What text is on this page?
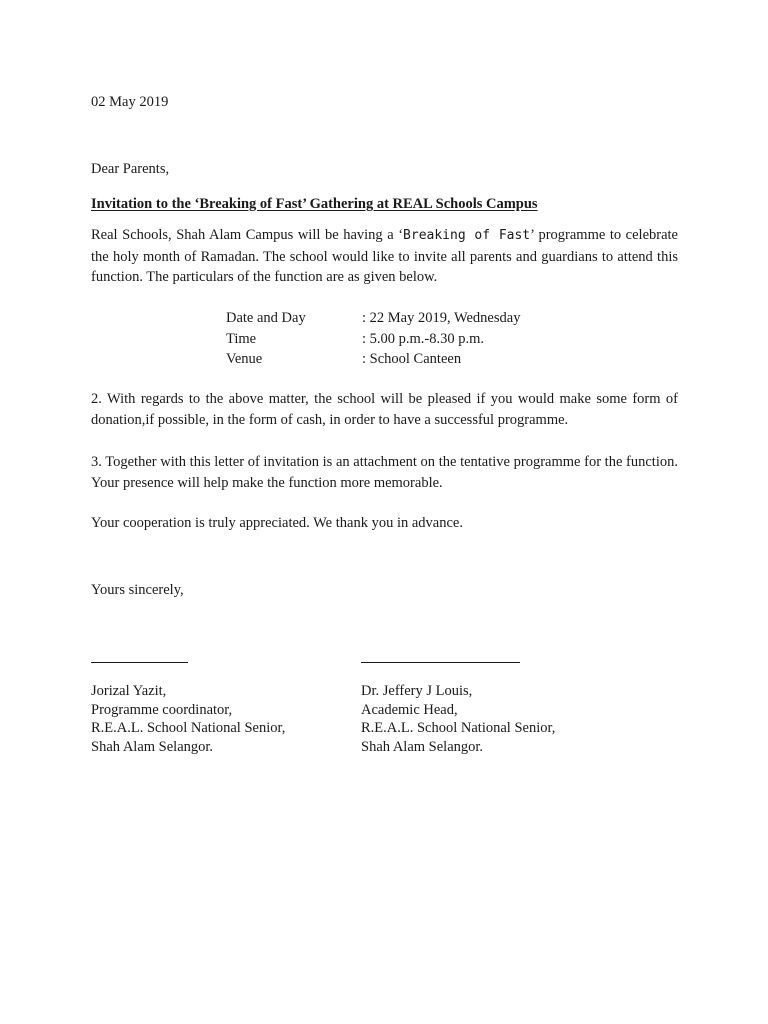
02 May 2019
Dear Parents,
Invitation to the ‘Breaking of Fast’ Gathering at REAL Schools Campus
Real Schools, Shah Alam Campus will be having a ‘Breaking of Fast’ programme to celebrate the holy month of Ramadan. The school would like to invite all parents and guardians to attend this function. The particulars of the function are as given below.
Date and Day	: 22 May 2019, Wednesday
Time	: 5.00 p.m.-8.30 p.m.
Venue	: School Canteen
2. With regards to the above matter, the school will be pleased if you would make some form of donation,if possible, in the form of cash, in order to have a successful programme.
3. Together with this letter of invitation is an attachment on the tentative programme for the function. Your presence will help make the function more memorable.
Your cooperation is truly appreciated. We thank you in advance.
Yours sincerely,
Jorizal Yazit,
Programme coordinator,
R.E.A.L. School National Senior,
Shah Alam Selangor.
Dr. Jeffery J Louis,
Academic Head,
R.E.A.L. School National Senior,
Shah Alam Selangor.
